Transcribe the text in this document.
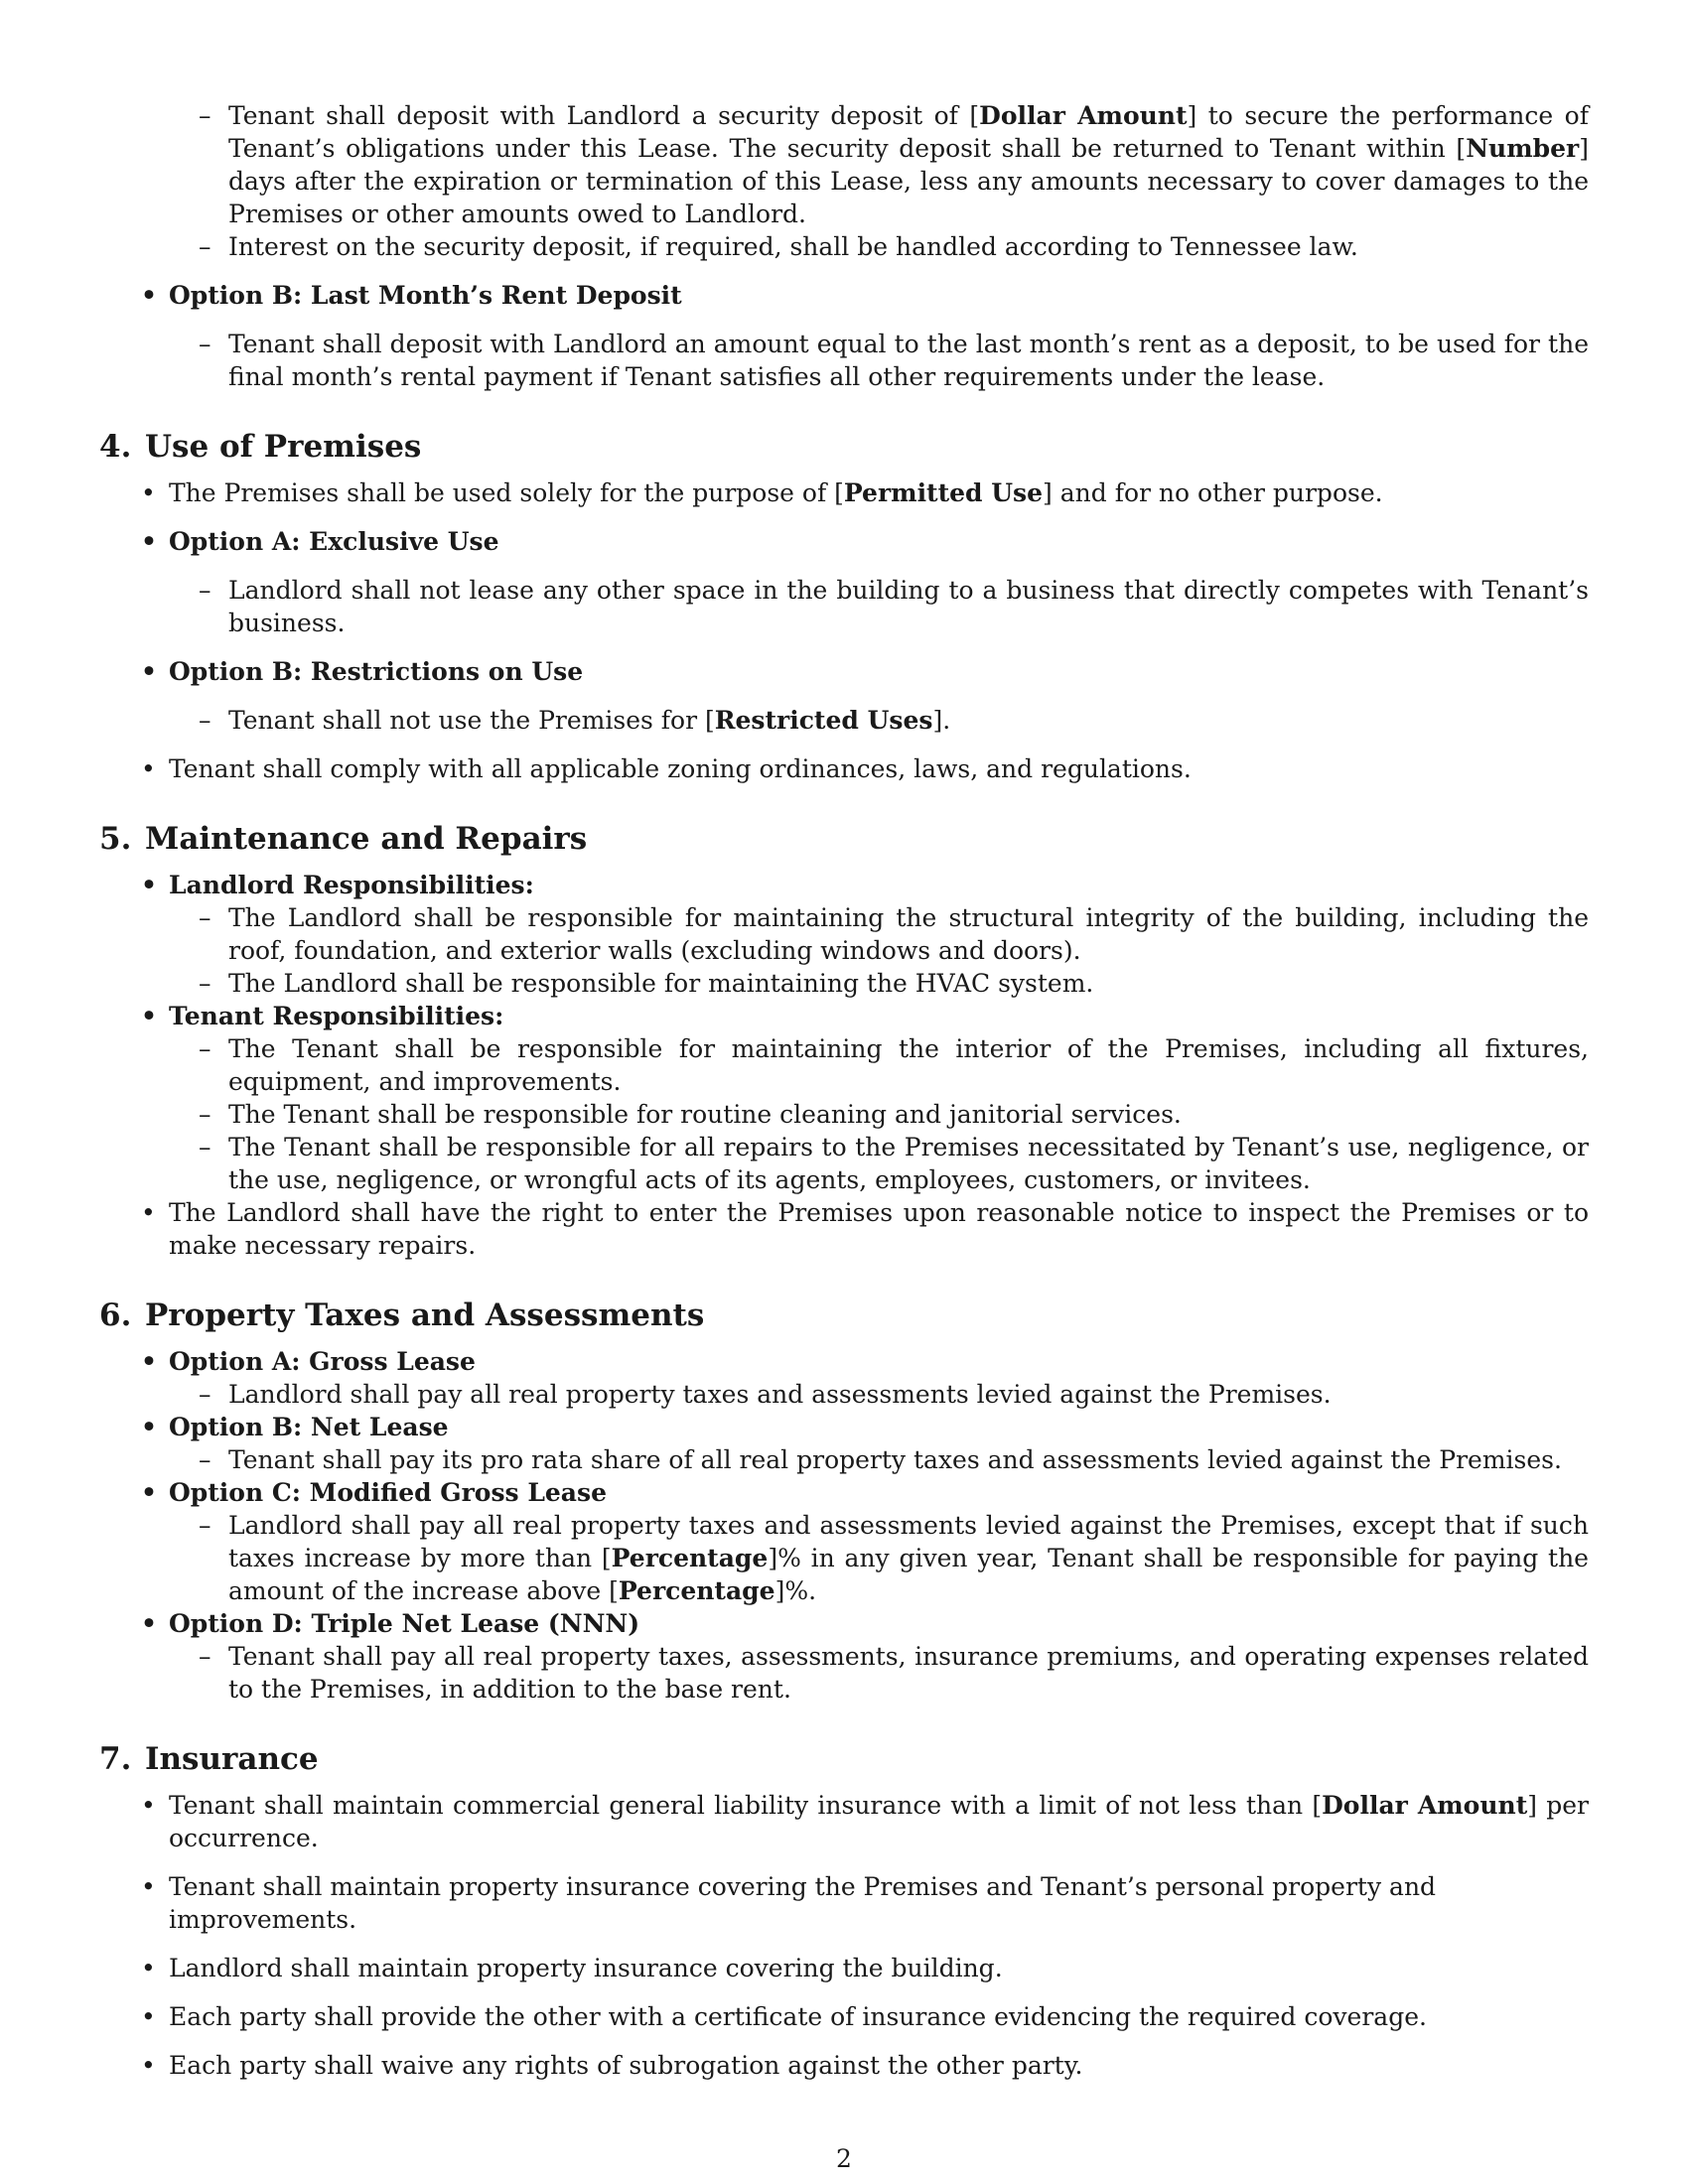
– Tenant shall deposit with Landlord a security deposit of [Dollar Amount] to secure the performance of Tenant’s obligations under this Lease. The security deposit shall be returned to Tenant within [Number] days after the expiration or termination of this Lease, less any amounts necessary to cover damages to the Premises or other amounts owed to Landlord.

– Interest on the security deposit, if required, shall be handled according to Tennessee law.

• Option B: Last Month’s Rent Deposit

– Tenant shall deposit with Landlord an amount equal to the last month’s rent as a deposit, to be used for the final month’s rental payment if Tenant satisfies all other requirements under the lease.

4. Use of Premises

• The Premises shall be used solely for the purpose of [Permitted Use] and for no other purpose.

• Option A: Exclusive Use

– Landlord shall not lease any other space in the building to a business that directly competes with Tenant’s business.

• Option B: Restrictions on Use

– Tenant shall not use the Premises for [Restricted Uses].

• Tenant shall comply with all applicable zoning ordinances, laws, and regulations.

5. Maintenance and Repairs

• Landlord Responsibilities:

– The Landlord shall be responsible for maintaining the structural integrity of the building, including the roof, foundation, and exterior walls (excluding windows and doors).

– The Landlord shall be responsible for maintaining the HVAC system.

• Tenant Responsibilities:

– The Tenant shall be responsible for maintaining the interior of the Premises, including all fixtures, equipment, and improvements.

– The Tenant shall be responsible for routine cleaning and janitorial services.

– The Tenant shall be responsible for all repairs to the Premises necessitated by Tenant’s use, negligence, or the use, negligence, or wrongful acts of its agents, employees, customers, or invitees.

• The Landlord shall have the right to enter the Premises upon reasonable notice to inspect the Premises or to make necessary repairs.

6. Property Taxes and Assessments

• Option A: Gross Lease

– Landlord shall pay all real property taxes and assessments levied against the Premises.

• Option B: Net Lease

– Tenant shall pay its pro rata share of all real property taxes and assessments levied against the Premises.

• Option C: Modified Gross Lease

– Landlord shall pay all real property taxes and assessments levied against the Premises, except that if such taxes increase by more than [Percentage]% in any given year, Tenant shall be responsible for paying the amount of the increase above [Percentage]%.

• Option D: Triple Net Lease (NNN)

– Tenant shall pay all real property taxes, assessments, insurance premiums, and operating expenses related to the Premises, in addition to the base rent.

7. Insurance

• Tenant shall maintain commercial general liability insurance with a limit of not less than [Dollar Amount] per occurrence.

• Tenant shall maintain property insurance covering the Premises and Tenant’s personal property and improvements.

• Landlord shall maintain property insurance covering the building.

• Each party shall provide the other with a certificate of insurance evidencing the required coverage.

• Each party shall waive any rights of subrogation against the other party.

2
